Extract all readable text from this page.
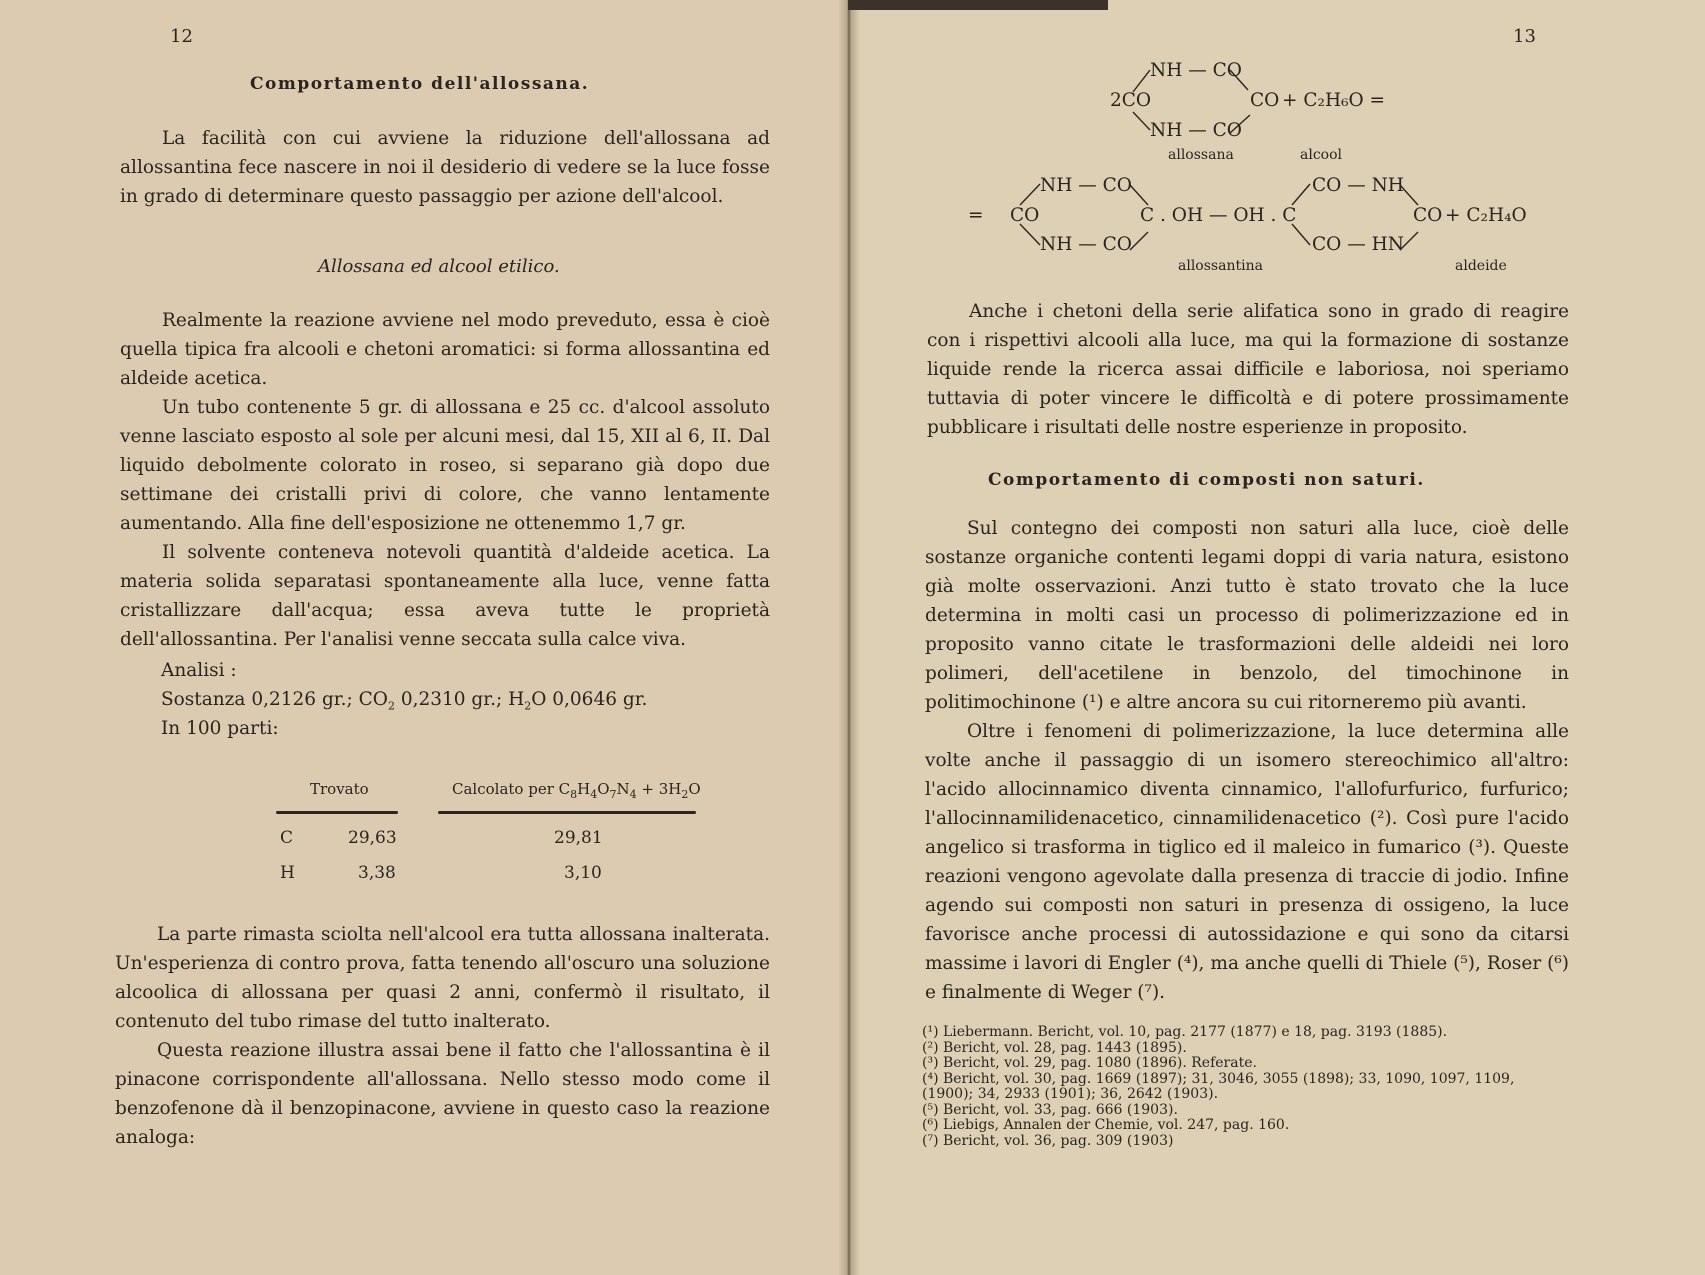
12
Comportamento dell'allossana.
La facilità con cui avviene la riduzione dell'allossana ad allossantina fece nascere in noi il desiderio di vedere se la luce fosse in grado di determinare questo passaggio per azione dell'alcool.
Allossana ed alcool etilico.
Realmente la reazione avviene nel modo preveduto, essa è cioè quella tipica fra alcooli e chetoni aromatici: si forma allossantina ed aldeide acetica.
Un tubo contenente 5 gr. di allossana e 25 cc. d'alcool assoluto venne lasciato esposto al sole per alcuni mesi, dal 15, XII al 6, II. Dal liquido debolmente colorato in roseo, si separano già dopo due settimane dei cristalli privi di colore, che vanno lentamente aumentando. Alla fine dell'esposizione ne ottenemmo 1,7 gr.
Il solvente conteneva notevoli quantità d'aldeide acetica. La materia solida separatasi spontaneamente alla luce, venne fatta cristallizzare dall'acqua; essa aveva tutte le proprietà dell'allossantina. Per l'analisi venne seccata sulla calce viva.
Analisi :
Sostanza 0,2126 gr.; $CO_2$ 0,2310 gr.; $H_2O$ 0,0646 gr.
In 100 parti:
Trovato	Calcolato per $C_8H_4O_7N_4 + 3H_2O$
C	29,63	29,81
H	3,38	3,10
La parte rimasta sciolta nell'alcool era tutta allossana inalterata. Un'esperienza di contro prova, fatta tenendo all'oscuro una soluzione alcoolica di allossana per quasi 2 anni, confermò il risultato, il contenuto del tubo rimase del tutto inalterato.
Questa reazione illustra assai bene il fatto che l'allossantina è il pinacone corrispondente all'allossana. Nello stesso modo come il benzofenone dà il benzopinacone, avviene in questo caso la reazione analoga:
13
NH — CO
2CO	CO + C₂H₆O =
NH — CO
allossana	alcool
=
NH — CO
CO
NH — CO
C . OH — OH . C
CO — NH
CO — HN
CO + C₂H₄O
allossantina	aldeide
Anche i chetoni della serie alifatica sono in grado di reagire con i rispettivi alcooli alla luce, ma qui la formazione di sostanze liquide rende la ricerca assai difficile e laboriosa, noi speriamo tuttavia di poter vincere le difficoltà e di potere prossimamente pubblicare i risultati delle nostre esperienze in proposito.
Comportamento di composti non saturi.
Sul contegno dei composti non saturi alla luce, cioè delle sostanze organiche contenti legami doppi di varia natura, esistono già molte osservazioni. Anzi tutto è stato trovato che la luce determina in molti casi un processo di polimerizzazione ed in proposito vanno citate le trasformazioni delle aldeidi nei loro polimeri, dell'acetilene in benzolo, del timochinone in politimochinone (¹) e altre ancora su cui ritorneremo più avanti.
Oltre i fenomeni di polimerizzazione, la luce determina alle volte anche il passaggio di un isomero stereochimico all'altro: l'acido allocinnamico diventa cinnamico, l'allofurfurico, furfurico; l'allocinnamilidenacetico, cinnamilidenacetico (²). Così pure l'acido angelico si trasforma in tiglico ed il maleico in fumarico (³). Queste reazioni vengono agevolate dalla presenza di traccie di jodio. Infine agendo sui composti non saturi in presenza di ossigeno, la luce favorisce anche processi di autossidazione e qui sono da citarsi massime i lavori di Engler (⁴), ma anche quelli di Thiele (⁵), Roser (⁶) e finalmente di Weger (⁷).
(¹) Liebermann. Bericht, vol. 10, pag. 2177 (1877) e 18, pag. 3193 (1885).
(²) Bericht, vol. 28, pag. 1443 (1895).
(³) Bericht, vol. 29, pag. 1080 (1896). Referate.
(⁴) Bericht, vol. 30, pag. 1669 (1897); 31, 3046, 3055 (1898); 33, 1090, 1097, 1109,
(1900); 34, 2933 (1901); 36, 2642 (1903).
(⁵) Bericht, vol. 33, pag. 666 (1903).
(⁶) Liebigs, Annalen der Chemie, vol. 247, pag. 160.
(⁷) Bericht, vol. 36, pag. 309 (1903)
